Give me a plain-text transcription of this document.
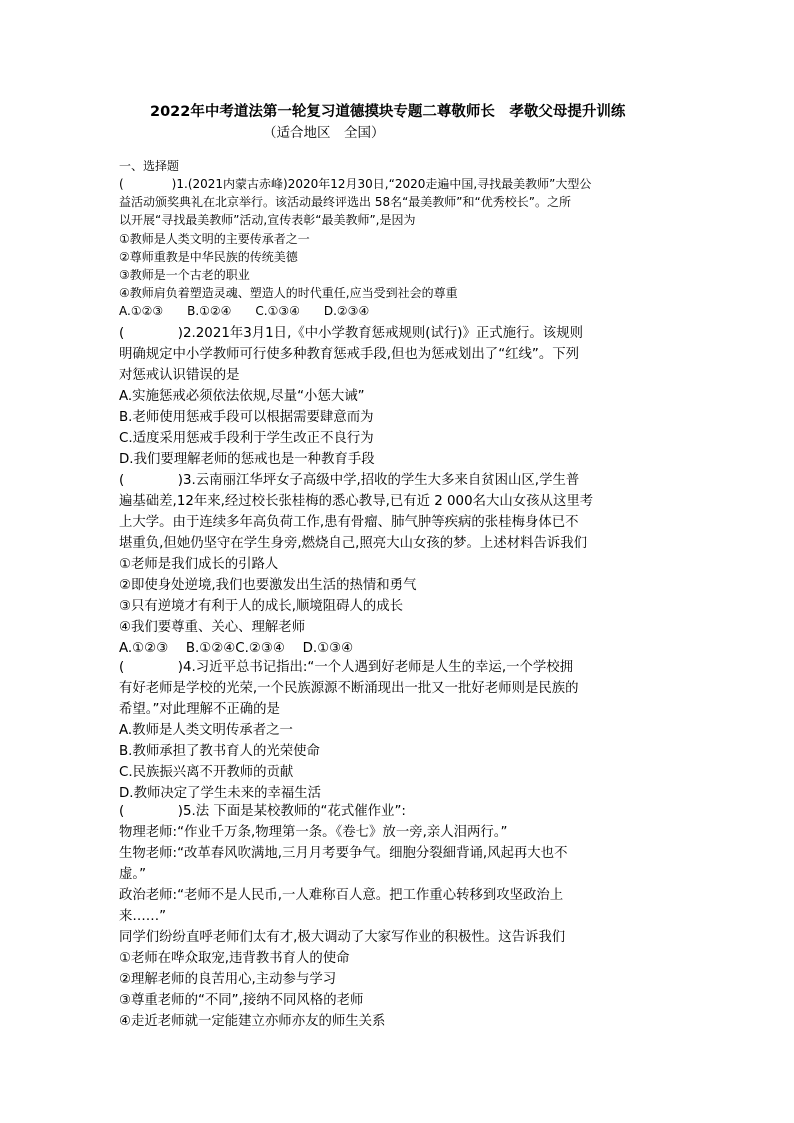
2022年中考道法第一轮复习道德摸块专题二尊敬师长　孝敬父母提升训练
（适合地区　全国）
一、选择题
(　　　　)1.(2021内蒙古赤峰)2020年12月30日,“2020走遍中国,寻找最美教师”大型公
益活动颁奖典礼在北京举行。该活动最终评选出 58名“最美教师”和“优秀校长”。之所
以开展“寻找最美教师”活动,宣传表彰“最美教师”,是因为
①教师是人类文明的主要传承者之一
②尊师重教是中华民族的传统美德
③教师是一个古老的职业
④教师肩负着塑造灵魂、塑造人的时代重任,应当受到社会的尊重
A.①②③　　B.①②④　　C.①③④　　D.②③④
(　　　　)2.2021年3月1日,《中小学教育惩戒规则(试行)》正式施行。该规则
明确规定中小学教师可行使多种教育惩戒手段,但也为惩戒划出了“红线”。下列
对惩戒认识错误的是
A.实施惩戒必须依法依规,尽量“小惩大诫”
B.老师使用惩戒手段可以根据需要肆意而为
C.适度采用惩戒手段利于学生改正不良行为
D.我们要理解老师的惩戒也是一种教育手段
(　　　　)3.云南丽江华坪女子高级中学,招收的学生大多来自贫困山区,学生普
遍基础差,12年来,经过校长张桂梅的悉心教导,已有近 2 000名大山女孩从这里考
上大学。由于连续多年高负荷工作,患有骨瘤、肺气肿等疾病的张桂梅身体已不
堪重负,但她仍坚守在学生身旁,燃烧自己,照亮大山女孩的梦。上述材料告诉我们
①老师是我们成长的引路人
②即使身处逆境,我们也要激发出生活的热情和勇气
③只有逆境才有利于人的成长,顺境阻碍人的成长
④我们要尊重、关心、理解老师
A.①②③　 B.①②④C.②③④　 D.①③④
(　　　　)4.习近平总书记指出:“一个人遇到好老师是人生的幸运,一个学校拥
有好老师是学校的光荣,一个民族源源不断涌现出一批又一批好老师则是民族的
希望。”对此理解不正确的是
A.教师是人类文明传承者之一
B.教师承担了教书育人的光荣使命
C.民族振兴离不开教师的贡献
D.教师决定了学生未来的幸福生活
(　　　　)5.法 下面是某校教师的“花式催作业”:
物理老师:“作业千万条,物理第一条。《卷七》放一旁,亲人泪两行。”
生物老师:“改革春风吹满地,三月月考要争气。细胞分裂細背诵,风起再大也不
虚。”
政治老师:“老师不是人民币,一人难称百人意。把工作重心转移到攻坚政治上
来……”
同学们纷纷直呼老师们太有才,极大调动了大家写作业的积极性。这告诉我们
①老师在哗众取宠,违背教书育人的使命
②理解老师的良苦用心,主动参与学习
③尊重老师的“不同”,接纳不同风格的老师
④走近老师就一定能建立亦师亦友的师生关系
